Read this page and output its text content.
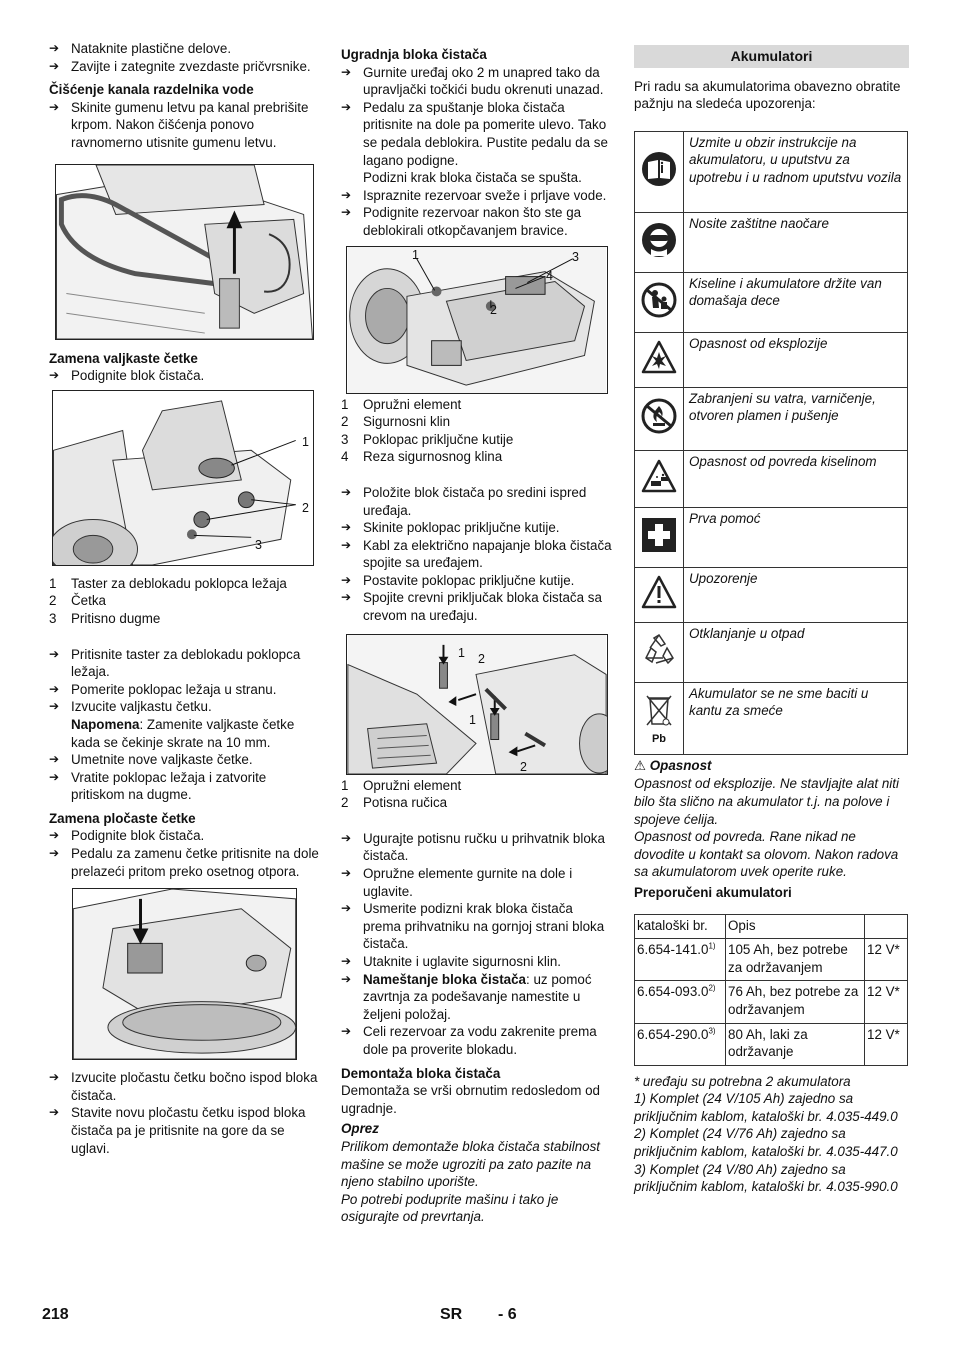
➔ Nataknite plastične delove.
➔ Zavijte i zategnite zvezdaste pričvrsnike.
Čišćenje kanala razdelnika vode
➔ Skinite gumenu letvu pa kanal prebrišite krpom. Nakon čišćenja ponovo ravnomerno utisnite gumenu letvu.
Zamena valjkaste četke
➔ Podignite blok čistača.
1
2
3
1 Taster za deblokadu poklopca ležaja
2 Četka
3 Pritisno dugme
➔ Pritisnite taster za deblokadu poklopca ležaja.
➔ Pomerite poklopac ležaja u stranu.
➔ Izvucite valjkastu četku.
Napomena: Zamenite valjkaste četke kada se čekinje skrate na 10 mm.
➔ Umetnite nove valjkaste četke.
➔ Vratite poklopac ležaja i zatvorite pritiskom na dugme.
Zamena pločaste četke
➔ Podignite blok čistača.
➔ Pedalu za zamenu četke pritisnite na dole prelazeći pritom preko osetnog otpora.
➔ Izvucite pločastu četku bočno ispod bloka čistača.
➔ Stavite novu pločastu četku ispod bloka čistača pa je pritisnite na gore da se uglavi.
Ugradnja bloka čistača
➔ Gurnite uređaj oko 2 m unapred tako da upravljački točkići budu okrenuti unazad.
➔ Pedalu za spuštanje bloka čistača pritisnite na dole pa pomerite ulevo. Tako se pedala deblokira. Pustite pedalu da se lagano podigne.
Podizni krak bloka čistača se spušta.
➔ Ispraznite rezervoar sveže i prljave vode.
➔ Podignite rezervoar nakon što ste ga deblokirali otkopčavanjem bravice.
1	3
4
2
1 Opružni element
2 Sigurnosni klin
3 Poklopac priključne kutije
4 Reza sigurnosnog klina
➔ Položite blok čistača po sredini ispred uređaja.
➔ Skinite poklopac priključne kutije.
➔ Kabl za električno napajanje bloka čistača spojite sa uređajem.
➔ Postavite poklopac priključne kutije.
➔ Spojite crevni priključak bloka čistača sa crevom na uređaju.
1 2
1
2
1 Opružni element
2 Potisna ručica
➔ Ugurajte potisnu ručku u prihvatnik bloka čistača.
➔ Opružne elemente gurnite na dole i uglavite.
➔ Usmerite podizni krak bloka čistača prema prihvatniku na gornjoj strani bloka čistača.
➔ Utaknite i uglavite sigurnosni klin.
➔ Nameštanje bloka čistača: uz pomoć zavrtnja za podešavanje namestite u željeni položaj.
➔ Celi rezervoar za vodu zakrenite prema dole pa proverite blokadu.
Demontaža bloka čistača
Demontaža se vrši obrnutim redosledom od ugradnje.
Oprez
Prilikom demontaže bloka čistača stabilnost mašine se može ugroziti pa zato pazite na njeno stabilno uporište.
Po potrebi poduprite mašinu i tako je osigurajte od prevrtanja.
Akumulatori
Pri radu sa akumulatorima obavezno obratite pažnju na sledeća upozorenja:
	Uzmite u obzir instrukcije na akumulatoru, u uputstvu za upotrebu i u radnom uputstvu vozila
	Nosite zaštitne naočare
	Kiseline i akumulatore držite van domašaja dece
	Opasnost od eksplozije
	Zabranjeni su vatra, varničenje, otvoren plamen i pušenje
	Opasnost od povreda kiselinom
	Prva pomoć
	Upozorenje
	Otklanjanje u otpad

Pb	Akumulator se ne sme baciti u kantu za smeće
⚠ Opasnost
Opasnost od eksplozije. Ne stavljajte alat niti bilo šta slično na akumulator t.j. na polove i spojeve ćelija.
Opasnost od povreda. Rane nikad ne dovodite u kontakt sa olovom. Nakon radova sa akumulatorom uvek operite ruke.
Preporučeni akumulatori
kataloški br.	Opis	
6.654-141.0$^{1)}$	105 Ah, bez potrebe za održavanjem	12 V*
6.654-093.0$^{2)}$	76 Ah, bez potrebe za održavanjem	12 V*
6.654-290.0$^{3)}$	80 Ah, laki za održavanje	12 V*
* uređaju su potrebna 2 akumulatora
1) Komplet (24 V/105 Ah) zajedno sa priključnim kablom, kataloški br. 4.035-449.0
2) Komplet (24 V/76 Ah) zajedno sa priključnim kablom, kataloški br. 4.035-447.0
3) Komplet (24 V/80 Ah) zajedno sa priključnim kablom, kataloški br. 4.035-990.0
218	SR - 6
